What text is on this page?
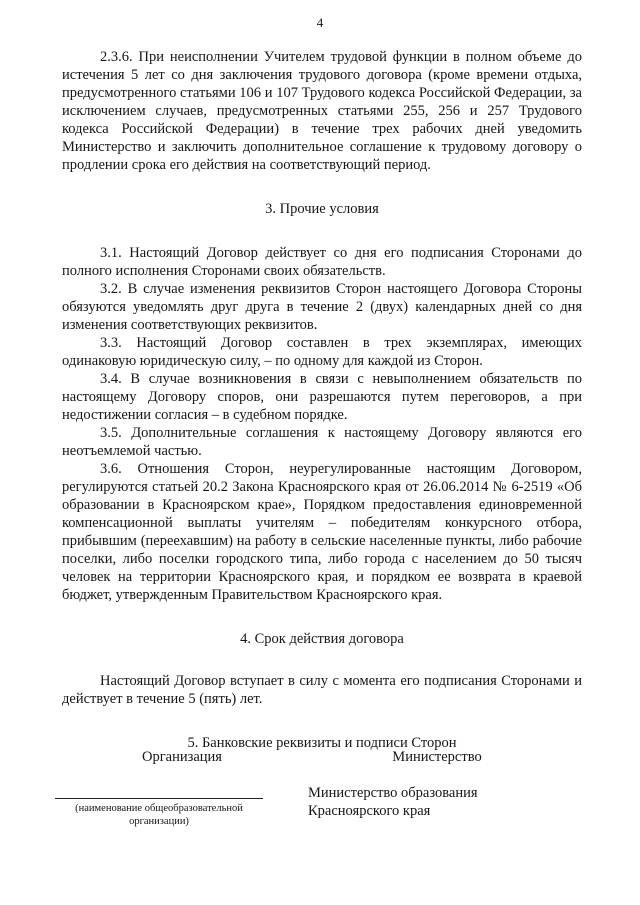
4

2.3.6. При неисполнении Учителем трудовой функции в полном объеме до истечения 5 лет со дня заключения трудового договора (кроме времени отдыха, предусмотренного статьями 106 и 107 Трудового кодекса Российской Федерации, за исключением случаев, предусмотренных статьями 255, 256 и 257 Трудового кодекса Российской Федерации) в течение трех рабочих дней уведомить Министерство и заключить дополнительное соглашение к трудовому договору о продлении срока его действия на соответствующий период.

3. Прочие условия

3.1. Настоящий Договор действует со дня его подписания Сторонами до полного исполнения Сторонами своих обязательств.

3.2. В случае изменения реквизитов Сторон настоящего Договора Стороны обязуются уведомлять друг друга в течение 2 (двух) календарных дней со дня изменения соответствующих реквизитов.

3.3. Настоящий Договор составлен в трех экземплярах, имеющих одинаковую юридическую силу, – по одному для каждой из Сторон.

3.4. В случае возникновения в связи с невыполнением обязательств по настоящему Договору споров, они разрешаются путем переговоров, а при недостижении согласия – в судебном порядке.

3.5. Дополнительные соглашения к настоящему Договору являются его неотъемлемой частью.

3.6. Отношения Сторон, неурегулированные настоящим Договором, регулируются статьей 20.2 Закона Красноярского края от 26.06.2014 № 6-2519 «Об образовании в Красноярском крае», Порядком предоставления единовременной компенсационной выплаты учителям – победителям конкурсного отбора, прибывшим (переехавшим) на работу в сельские населенные пункты, либо рабочие поселки, либо поселки городского типа, либо города с населением до 50 тысяч человек на территории Красноярского края, и порядком ее возврата в краевой бюджет, утвержденным Правительством Красноярского края.

4. Срок действия договора

Настоящий Договор вступает в силу с момента его подписания Сторонами и действует в течение 5 (пять) лет.

5. Банковские реквизиты и подписи Сторон

Организация	Министерство
(наименование общеобразовательной
организации)
Министерство образования
Красноярского края
